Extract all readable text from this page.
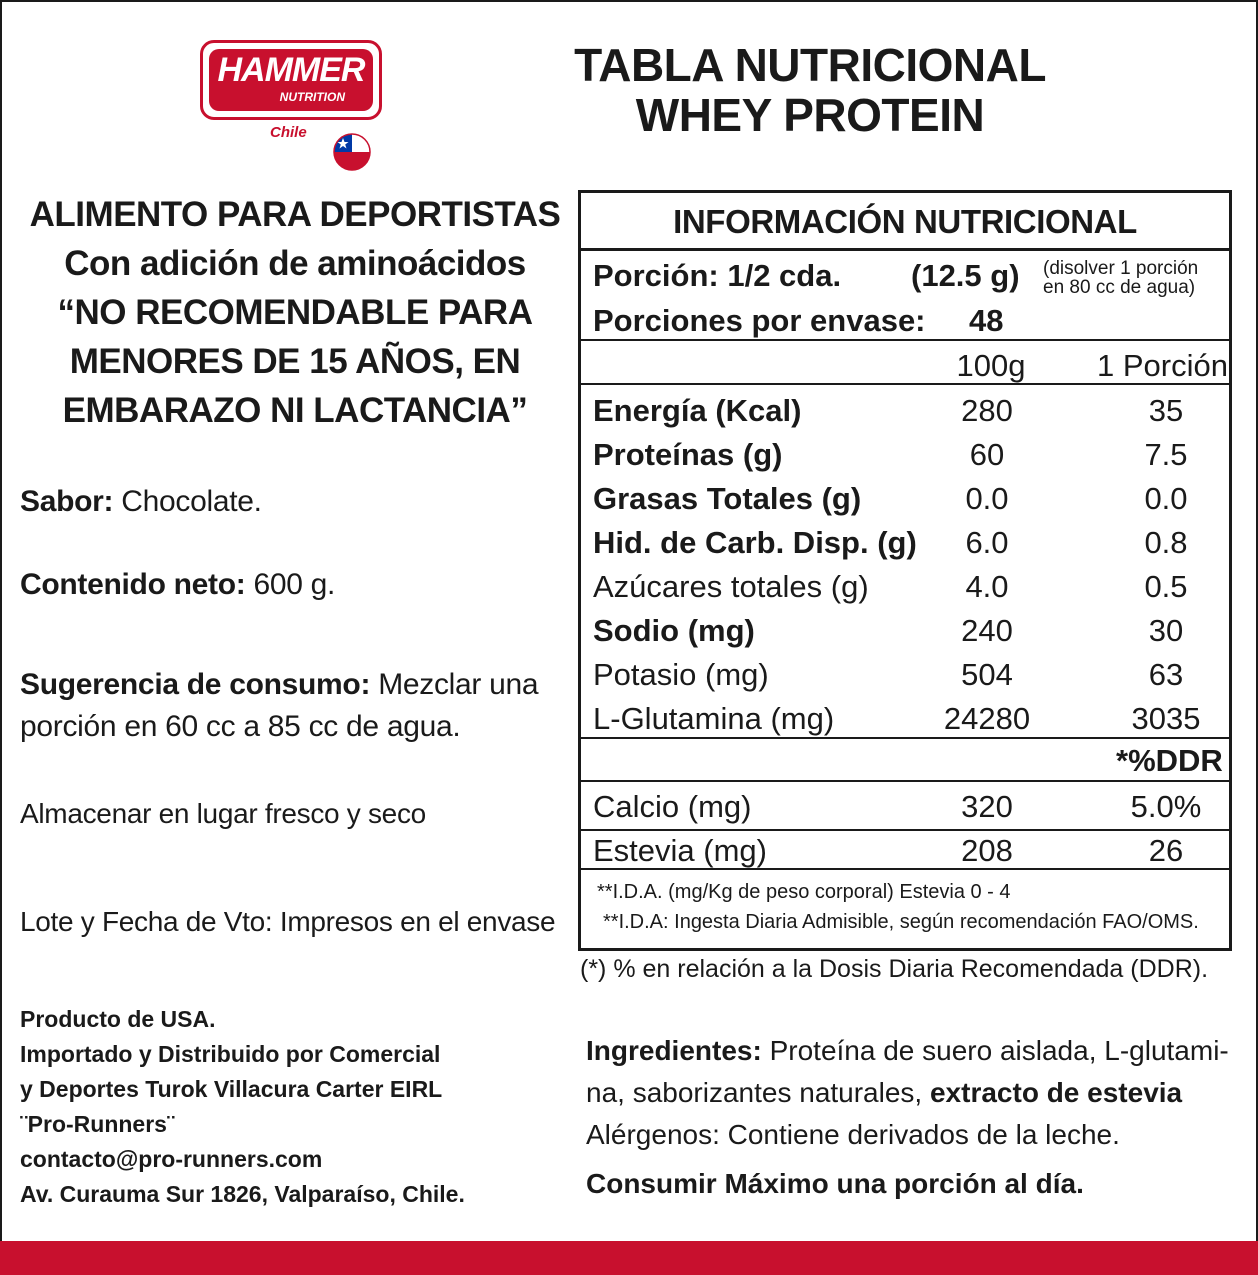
HAMMER
NUTRITION
Chile
TABLA NUTRICIONAL
WHEY PROTEIN
ALIMENTO PARA DEPORTISTAS
Con adición de aminoácidos
“NO RECOMENDABLE PARA
MENORES DE 15 AÑOS, EN
EMBARAZO NI LACTANCIA”
Sabor: Chocolate.
Contenido neto: 600 g.
Sugerencia de consumo: Mezclar una
porción en 60 cc a 85 cc de agua.
Almacenar en lugar fresco y seco
Lote y Fecha de Vto: Impresos en el envase
Producto de USA.
Importado y Distribuido por Comercial
y Deportes Turok Villacura Carter EIRL
¨Pro-Runners¨
contacto@pro-runners.com
Av. Curauma Sur 1826, Valparaíso, Chile.
INFORMACIÓN NUTRICIONAL
Porción: 1/2 cda. (12.5 g) (disolver 1 porción
en 80 cc de agua)
Porciones por envase: 48
100g	1 Porción
Energía (Kcal)	280	35
Proteínas (g)	60	7.5
Grasas Totales (g)	0.0	0.0
Hid. de Carb. Disp. (g)	6.0	0.8
Azúcares totales (g)	4.0	0.5
Sodio (mg)	240	30
Potasio (mg)	504	63
L-Glutamina (mg)	24280	3035
*%DDR
Calcio (mg)	320	5.0%
Estevia (mg)	208	26
**I.D.A. (mg/Kg de peso corporal) Estevia 0 - 4
**I.D.A: Ingesta Diaria Admisible, según recomendación FAO/OMS.
(*) % en relación a la Dosis Diaria Recomendada (DDR).
Ingredientes: Proteína de suero aislada, L-glutami-
na, saborizantes naturales, extracto de estevia
Alérgenos: Contiene derivados de la leche.
Consumir Máximo una porción al día.
